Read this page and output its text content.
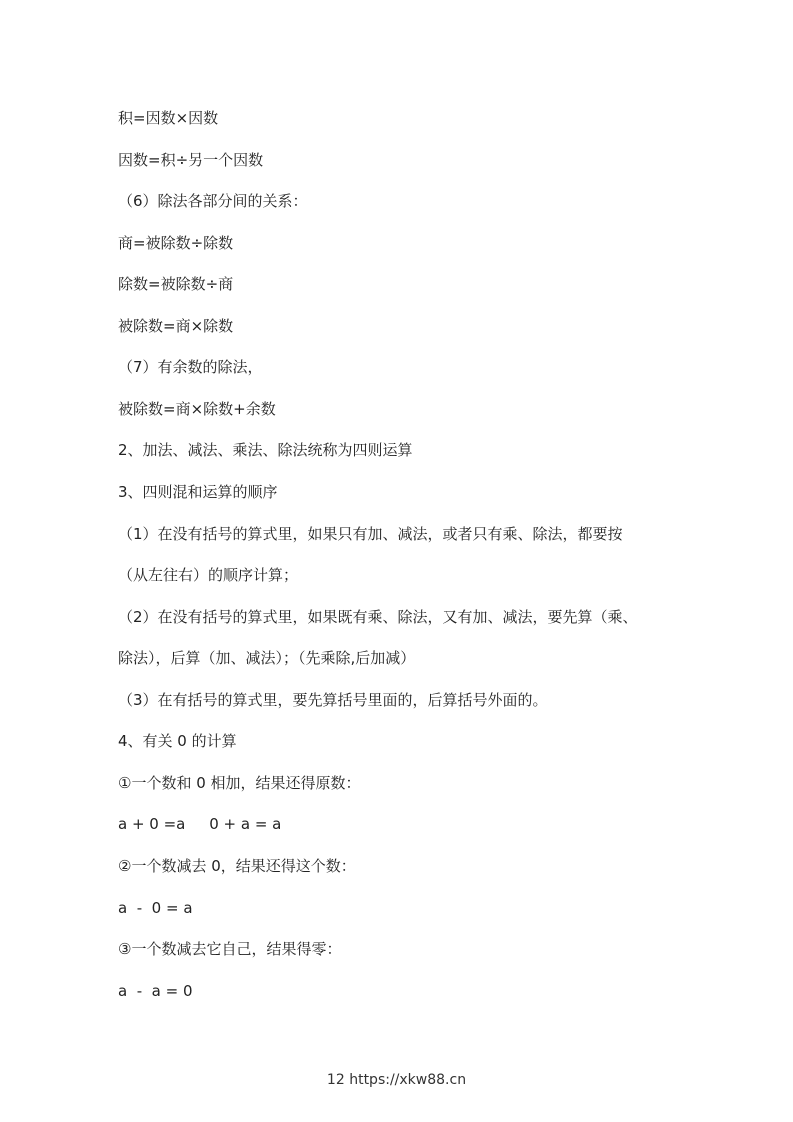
积=因数×因数
因数=积÷另一个因数
（6）除法各部分间的关系：
商=被除数÷除数
除数=被除数÷商
被除数=商×除数
（7）有余数的除法，
被除数=商×除数+余数
2、加法、减法、乘法、除法统称为四则运算
3、四则混和运算的顺序
（1）在没有括号的算式里，如果只有加、减法，或者只有乘、除法，都要按
（从左往右）的顺序计算；
（2）在没有括号的算式里，如果既有乘、除法，又有加、减法，要先算（乘、
除法），后算（加、减法）；（先乘除,后加减）
（3）在有括号的算式里，要先算括号里面的，后算括号外面的。
4、有关 0 的计算
①一个数和 0 相加，结果还得原数：
a + 0 =a     0 + a = a
②一个数减去 0，结果还得这个数：
a  -  0 = a
③一个数减去它自己，结果得零：
a  -  a = 0
12 https://xkw88.cn
